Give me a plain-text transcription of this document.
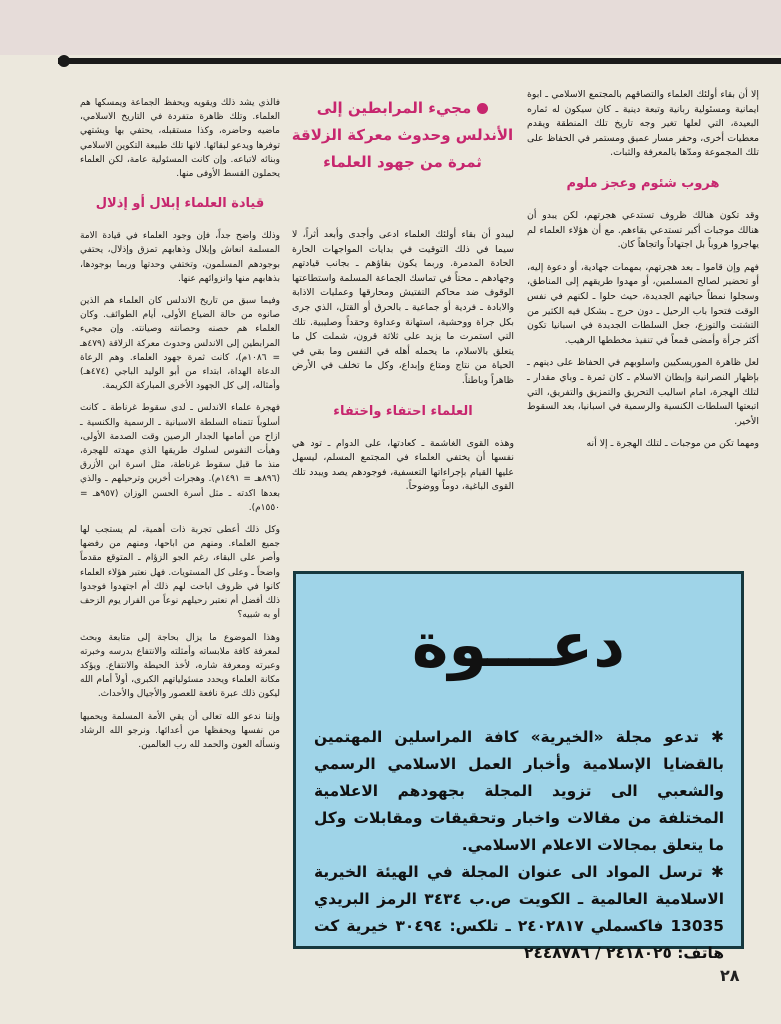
إلا أن بقاء أولئك العلماء والتصاقهم بالمجتمع الاسلامي ـ ابوة ايمانية ومسئولية ربانية وتبعة دينية ـ كان سيكون له ثماره البعيدة، التي لعلها تغير وجه تاريخ تلك المنطقة ويقدم معطيات أخرى، وحفر مسار عميق ومستمر في الحفاظ على تلك المجموعة ومدّها بالمعرفة والثبات.

هروب شئوم وعجز ملوم

وقد تكون هنالك ظروف تستدعي هجرتهم، لكن يبدو أن هنالك موجبات أكبر تستدعي بقاءهم. مع أن هؤلاء العلماء لم يهاجروا هروباً بل اجتهاداً واتجاهاً كان.

فهم وإن قاموا ـ بعد هجرتهم، بمهمات جهادية، أو دعوة إليه، أو تحضير لصالح المسلمين، أو مهدوا طريقهم إلى المناطق، وسجلوا نمطاً حياتهم الجديدة، حيث حلوا ـ لكنهم في نفس الوقت فتحوا باب الرحيل ـ دون حرج ـ بشكل فيه الكثير من التشتت والتوزع، جعل السلطات الجديدة في اسبانيا تكون أكثر جرأة وأمضى قمعاً في تنفيذ مخططها الرهيب.

لعل ظاهرة الموريسكيين واسلوبهم في الحفاظ على دينهم ـ بإظهار النصرانية وإبطان الاسلام ـ كان ثمرة ـ وباي مقدار ـ لتلك الهجرة، امام اساليب التحريق والتمزيق والتفريق، التي اتبعتها السلطات الكنسية والرسمية في اسبانيا، بعد السقوط الأخير.

ومهما تكن من موجبات ـ لتلك الهجرة ـ إلا أنه

مجيء المرابطين إلى الأندلس وحدوث معركة الزلاقة ثمرة من جهود العلماء

ليبدو أن بقاء أولئك العلماء ادعى وأجدى وأبعد أثراً، لا سيما في ذلك التوقيت في بدايات المواجهات الحارة الحادة المدمرة. وربما يكون بقاؤهم ـ بجانب قيادتهم وجهادهم ـ محتاً في تماسك الجماعة المسلمة واستطاعتها الوقوف ضد محاكم التفتيش ومحارقها وعمليات الاذابة والابادة ـ فردية أو جماعية ـ بالحرق أو القتل، الذي جرى بكل جراة ووحشية، استهانة وعداوة وحقداً وصليبية. تلك التي استمرت ما يزيد على ثلاثة قرون، شملت كل ما يتعلق بالاسلام، ما يحمله أهله في النفس وما بقي في الحياة من نتاج ومتاع وإبداع، وكل ما تخلف في الأرض ظاهراً وباطناً.

العلماء احتفاء واختفاء

وهذه القوى الغاشمة ـ كعادتها، على الدوام ـ تود هي نفسها أن يختفي العلماء في المجتمع المسلم، ليسهل عليها القيام بإجراءاتها التعسفية، فوجودهم يصد ويبدد تلك القوى الباغية، دوماً ووضوحاً.

فالذي يشد ذلك ويقويه ويحفظ الجماعة ويمسكها هم العلماء. وتلك ظاهرة متفردة في التاريخ الاسلامي، ماضيه وحاضره، وكذا مستقبله، يحتفي بها ويشتهي توفرها ويدعو لبقائها. لانها تلك طبيعة التكوين الاسلامي وبنائه لاتباعه. وإن كانت المسئولية عامة، لكن العلماء يحملون القسط الأوفى منها.

قيادة العلماء إبلال أو إذلال

وذلك واضح جداً، فإن وجود العلماء في قيادة الامة المسلمة انعاش وإبلال وذهابهم تمزق وإذلال، يحتفي بوجودهم المسلمون، وتختفي وحدتها وربما بوجودها، بذهابهم منها وانزوائهم عنها.

وفيما سبق من تاريخ الاندلس كان العلماء هم الذين صانوه من حالة الضياع الأولى، أيام الطوائف. وكان العلماء هم حصنه وحصانته وصيانته. وإن مجيء المرابطين إلى الاندلس وحدوث معركة الزلاقة (٤٧٩هـ = ١٠٨٦م)، كانت ثمرة جهود العلماء. وهم الرعاة الدعاة الهداة، ابتداء من أبو الوليد الباجي (٤٧٤هـ) وأمثاله، إلى كل الجهود الأخرى المباركة الكريمة.

فهجرة علماء الاندلس ـ لدى سقوط غرناطة ـ كانت أسلوباً تتمناه السلطة الاسبانية ـ الرسمية والكنسية ـ ازاح من أمامها الجدار الرصين وقت الصدمة الأولى، وهيأت النفوس لسلوك طريقها الذي مهدته للهجرة، منذ ما قبل سقوط غرناطة، مثل اسرة ابن الأزرق (٨٩٦هـ = ١٤٩١م). وهجرات أخرين وترحيلهم ـ والذي بعدها اكدته ـ مثل أسرة الحسن الوزان (٩٥٧هـ = ١٥٥٠م).

وكل ذلك أعطى تجربة ذات أهمية، لم يستجب لها جميع العلماء. ومنهم من اباحها، ومنهم من رفضها وأصر على البقاء، رغم الجو الزؤام ـ المتوقع مقدماً واضحاً ـ وعلى كل المستويات. فهل نعتبر هؤلاء العلماء كانوا في ظروف اباحت لهم ذلك أم اجتهدوا فوجدوا ذلك أفضل أم نعتبر رحيلهم نوعاً من الفرار يوم الزحف أو به شبيه؟

وهذا الموضوع ما يزال بحاجة إلى متابعة وبحث لمعرفة كافة ملابساته وأمثلته والانتفاع بدرسه وخبرته وعبرته ومعرفة شاره، لأخذ الحيطة والانتفاع. ويؤكد مكانة العلماء ويحدد مسئولياتهم الكبرى، أولاً أمام الله ليكون ذلك عبرة نافعة للعصور والأجيال والأحداث.

وإننا ندعو الله تعالى أن يقي الأمة المسلمة ويحميها من نفسها ويحفظها من أعدائها. ونرجو الله الرشاد ونسأله العون والحمد لله رب العالمين.

دعـــوة

✱ تدعو مجلة «الخيرية» كافة المراسلين المهتمين بالقضايا الإسلامية وأخبار العمل الاسلامي الرسمي والشعبي الى تزويد المجلة بجهودهم الاعلامية المختلفة من مقالات واخبار وتحقيقات ومقابلات وكل ما يتعلق بمجالات الاعلام الاسلامي.

✱ ترسل المواد الى عنوان المجلة في الهيئة الخيرية الاسلامية العالمية ـ الكويت ص.ب ٣٤٣٤ الرمز البريدي 13035 فاكسملي ٢٤٠٢٨١٧ ـ تلكس: ٣٠٤٩٤ خيرية كت هاتف: ٢٤١٨٠٢٥ / ٢٤٤٨٧٨٦

٢٨
